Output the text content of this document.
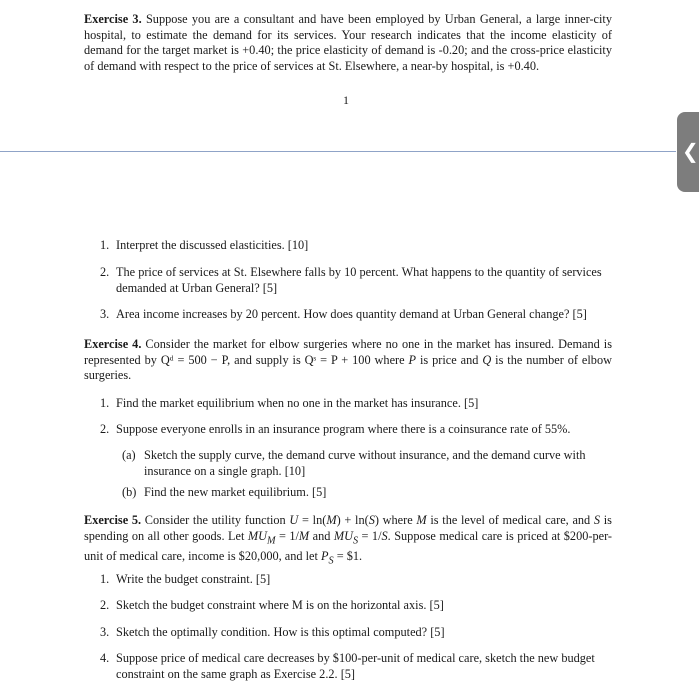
Exercise 3. Suppose you are a consultant and have been employed by Urban General, a large inner-city hospital, to estimate the demand for its services. Your research indicates that the income elasticity of demand for the target market is +0.40; the price elasticity of demand is -0.20; and the cross-price elasticity of demand with respect to the price of services at St. Elsewhere, a near-by hospital, is +0.40.
1
❮
1. Interpret the discussed elasticities. [10]
2. The price of services at St. Elsewhere falls by 10 percent. What happens to the quantity of services
demanded at Urban General? [5]
3. Area income increases by 20 percent. How does quantity demand at Urban General change? [5]
Exercise 4. Consider the market for elbow surgeries where no one in the market has insured. Demand is represented by Qᵈ = 500 − P, and supply is Qˢ = P + 100 where P is price and Q is the number of elbow surgeries.
1. Find the market equilibrium when no one in the market has insurance. [5]
2. Suppose everyone enrolls in an insurance program where there is a coinsurance rate of 55%.
(a) Sketch the supply curve, the demand curve without insurance, and the demand curve with
insurance on a single graph. [10]
(b) Find the new market equilibrium. [5]
Exercise 5. Consider the utility function U = ln(M) + ln(S) where M is the level of medical care, and S is spending on all other goods. Let $MU_M = 1/M$ and $MU_S = 1/S$. Suppose medical care is priced at $200-per-unit of medical care, income is $20,000, and let $P_S$ = $1.
1. Write the budget constraint. [5]
2. Sketch the budget constraint where M is on the horizontal axis. [5]
3. Sketch the optimally condition. How is this optimal computed? [5]
4. Suppose price of medical care decreases by $100-per-unit of medical care, sketch the new budget
constraint on the same graph as Exercise 2.2. [5]
